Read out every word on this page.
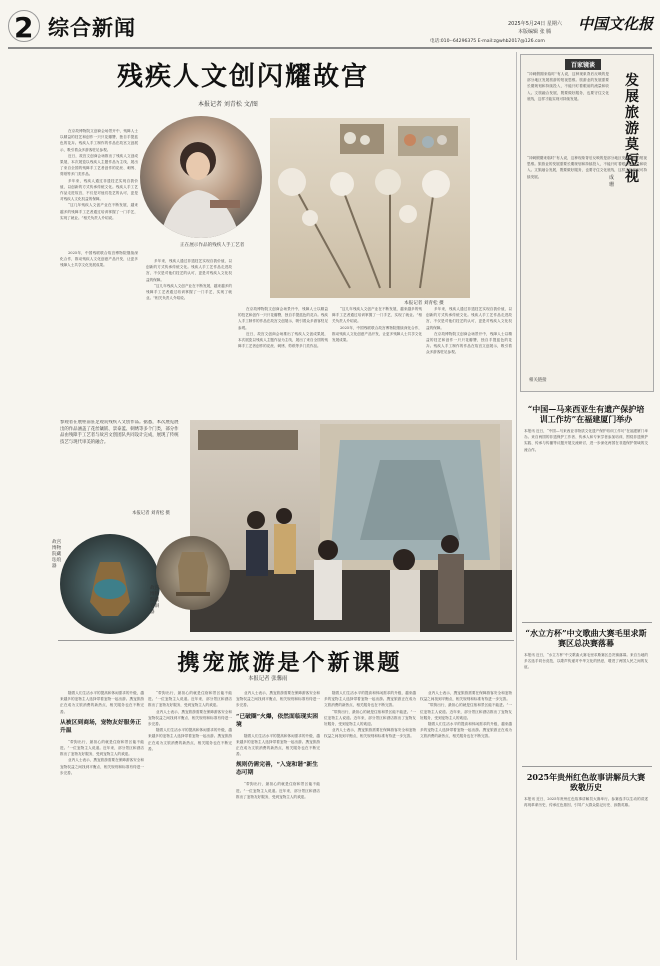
2 综合新闻	2025年5月24日 星期六
本版编辑 张 腾
电话:010--64296375 E-mail:zgwhb2017@126.com
中国文化报
残疾人文创闪耀故宫
本报记者 刘青松 文/图
正在展示作品的残疾人手工艺者
本报记者 刘青松 摄

在京故博物院文创商会场景开中，残障人士以精益的技艺和创作一只只花瓣簪，独自手提蓝色的花卉。残疾人手工制作的作品在故宫文创展示，吸引着众多游客驻足参观。

近日，故宫文创商会场推出了残疾人文创成果展，本次展览以残疾人主题作品为主线，展出了来自全国的残障手工艺者创作的花丝、刺绣、剪纸等多门类作品。

多年来，残疾人通过非遗技艺实现自我价值，以创新的方式传承传统文化。残疾人手工艺作品走进故宫，不仅是对他们技艺的认可，更是对残疾人文化权益的保障。

“这几年残疾人文创产业在不断发展，越来越多的残障手工艺者通过培训掌握了一门手艺，实现了就业。”相关负责人介绍说。

2025年，中国残联联合故宫博物院继续深化合作，推动残疾人文化创意产品开发，让更多残障人士共享文化发展成果。

多年来，残疾人通过非遗技艺实现自我价值，以创新的方式传承传统文化。残疾人手工艺作品走进故宫，不仅是对他们技艺的认可，更是对残疾人文化权益的保障。

“这几年残疾人文创产业在不断发展，越来越多的残障手工艺者通过培训掌握了一门手艺，实现了就业。”相关负责人介绍说。

在京故博物院文创商会场景开中，残障人士以精益的技艺和创作一只只花瓣簪，独自手提蓝色的花卉。残疾人手工制作的作品在故宫文创展示，吸引着众多游客驻足参观。

近日，故宫文创商会场推出了残疾人文创成果展，本次展览以残疾人主题作品为主线，展出了来自全国的残障手工艺者创作的花丝、刺绣、剪纸等多门类作品。

“这几年残疾人文创产业在不断发展，越来越多的残障手工艺者通过培训掌握了一门手艺，实现了就业。”相关负责人介绍说。

2025年，中国残联联合故宫博物院继续深化合作，推动残疾人文化创意产品开发，让更多残障人士共享文化发展成果。

多年来，残疾人通过非遗技艺实现自我价值，以创新的方式传承传统文化。残疾人手工艺作品走进故宫，不仅是对他们技艺的认可，更是对残疾人文化权益的保障。

在京故博物院文创商会场景开中，残障人士以精益的技艺和创作一只只花瓣簪，独自手提蓝色的花卉。残疾人手工制作的作品在故宫文创展示，吸引着众多游客驻足参观。

参观者在展柜前驻足观赏残疾人文创作品。据悉，本次展览展出的作品涵盖了花丝镶嵌、景泰蓝、刺绣等多个门类，部分作品由残障手工艺者与故宫文创团队共同设计完成，展现了传统技艺与现代审美的融合。
本报记者 刘青松 摄
故宫博物院藏珐琅器
故宫博物院藏青铜器
携宠旅游是个新课题
本报记者 张馨雨

随着人们生活水平的提高和休闲需求的升级，越来越多的宠物主人选择带着宠物一起出游。携宠旅游正在成为文旅消费的新热点，相关服务也在不断完善。

从被区到商场，宠物友好服务正升温

“带狗出行，最担心的就是住宿和景区能不能进。”一位宠物主人说道。近年来，部分景区和酒店推出了宠物友好服务，受到宠物主人的欢迎。

业内人士表示，携宠旅游需要在保障游客安全和宠物权益之间找到平衡点，相关规则和标准有待进一步完善。

“带狗出行，最担心的就是住宿和景区能不能进。”一位宠物主人说道。近年来，部分景区和酒店推出了宠物友好服务，受到宠物主人的欢迎。

业内人士表示，携宠旅游需要在保障游客安全和宠物权益之间找到平衡点，相关规则和标准有待进一步完善。

随着人们生活水平的提高和休闲需求的升级，越来越多的宠物主人选择带着宠物一起出游。携宠旅游正在成为文旅消费的新热点，相关服务也在不断完善。

业内人士表示，携宠旅游需要在保障游客安全和宠物权益之间找到平衡点，相关规则和标准有待进一步完善。

“已破圈”火爆，依然面临现实困境

随着人们生活水平的提高和休闲需求的升级，越来越多的宠物主人选择带着宠物一起出游。携宠旅游正在成为文旅消费的新热点，相关服务也在不断完善。

规则仍需完善，“入宠和谐”新生态可期

“带狗出行，最担心的就是住宿和景区能不能进。”一位宠物主人说道。近年来，部分景区和酒店推出了宠物友好服务，受到宠物主人的欢迎。

随着人们生活水平的提高和休闲需求的升级，越来越多的宠物主人选择带着宠物一起出游。携宠旅游正在成为文旅消费的新热点，相关服务也在不断完善。

“带狗出行，最担心的就是住宿和景区能不能进。”一位宠物主人说道。近年来，部分景区和酒店推出了宠物友好服务，受到宠物主人的欢迎。

业内人士表示，携宠旅游需要在保障游客安全和宠物权益之间找到平衡点，相关规则和标准有待进一步完善。

业内人士表示，携宠旅游需要在保障游客安全和宠物权益之间找到平衡点，相关规则和标准有待进一步完善。

“带狗出行，最担心的就是住宿和景区能不能进。”一位宠物主人说道。近年来，部分景区和酒店推出了宠物友好服务，受到宠物主人的欢迎。

随着人们生活水平的提高和休闲需求的升级，越来越多的宠物主人选择带着宠物一起出游。携宠旅游正在成为文旅消费的新热点，相关服务也在不断完善。

百家镜谈
“冲刺假期来临时”有人说，这种现象背后反映的是部分地区发展旅游的短视思维。旅游业的发展需要长期规划和持续投入，不能只盯着眼前的流量和收入。文旅融合发展，既要做好服务，也要守住文化底线，这样才能实现可持续发展。
发展旅游莫短视
成 珊
“冲刺假期来临时”有人说，这种现象背后反映的是部分地区发展旅游的短视思维。旅游业的发展需要长期规划和持续投入，不能只盯着眼前的流量和收入。文旅融合发展，既要做好服务，也要守住文化底线，这样才能实现可持续发展。
相关链接
“中国—马来西亚生有遗产保护培训工作坊”在福建厦门举办
本报讯 近日，“中国—马来西亚非物质文化遗产保护培训工作坊”在福建厦门举办。来自两国的非遗保护工作者、传承人和专家学者参加培训，围绕非遗保护实践、传承与传播等议题开展交流研讨，进一步深化两国在非遗保护领域的交流合作。
“水立方杯”中文歌曲大赛毛里求斯赛区总决赛落幕
本报讯 近日，“水立方杯”中文歌曲大赛毛里求斯赛区总决赛落幕。来自当地的多名选手同台竞技，以歌声传递对中华文化的热爱，增进了两国人民之间的友谊。
2025年贵州红色故事讲解员大赛 致敬历史
本报讯 近日，2025年贵州红色故事讲解员大赛举行。参赛选手以生动的讲述再现革命历史，传承红色基因，引导广大群众铭记历史、致敬英雄。
